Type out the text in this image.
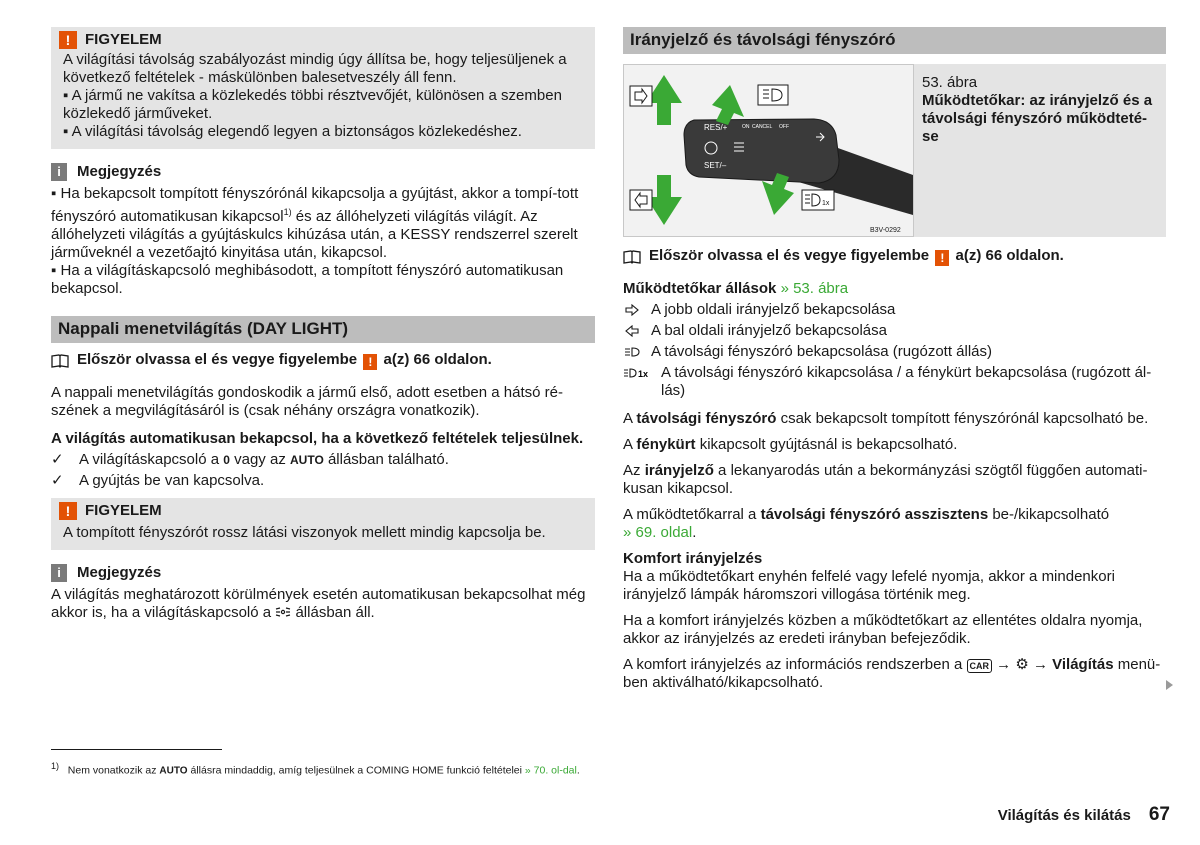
! FIGYELEM

A világítási távolság szabályozást mindig úgy állítsa be, hogy teljesüljenek a következő feltételek - máskülönben balesetveszély áll fenn.

▪ A jármű ne vakítsa a közlekedés többi résztvevőjét, különösen a szemben közlekedő járműveket.

▪ A világítási távolság elegendő legyen a biztonságos közlekedéshez.

i	Megjegyzés

▪ Ha bekapcsolt tompított fényszórónál kikapcsolja a gyújtást, akkor a tompí-tott fényszóró automatikusan kikapcsol$^{1)}$ és az állóhelyzeti világítás világít. Az állóhelyzeti világítás a gyújtáskulcs kihúzása után, a KESSY rendszerrel szerelt járműveknél a vezetőajtó kinyitása után, kikapcsol.

▪ Ha a világításkapcsoló meghibásodott, a tompított fényszóró automatikusan bekapcsol.

Nappali menetvilágítás (DAY LIGHT)
Először olvassa el és vegye figyelembe ! a(z) 66 oldalon.

A nappali menetvilágítás gondoskodik a jármű első, adott esetben a hátsó ré-szének a megvilágításáról is (csak néhány országra vonatkozik).

A világítás automatikusan bekapcsol, ha a következő feltételek teljesülnek.

✓ A világításkapcsoló a 0 vagy az AUTO állásban található.
✓ A gyújtás be van kapcsolva.
! FIGYELEM

A tompított fényszórót rossz látási viszonyok mellett mindig kapcsolja be.

i	Megjegyzés

A világítás meghatározott körülmények esetén automatikusan bekapcsolhat még akkor is, ha a világításkapcsoló a állásban áll.

Irányjelző és távolsági fényszóró
RES/+	ON CANCEL OFF
SET/–
1x
B3V-0292

53. ábra

Működtetőkar: az irányjelző és a távolsági fényszóró működteté-se

Először olvassa el és vegye figyelembe ! a(z) 66 oldalon.

Működtetőkar állások » 53. ábra

A jobb oldali irányjelző bekapcsolása
A bal oldali irányjelző bekapcsolása
A távolsági fényszóró bekapcsolása (rugózott állás)
1x A távolsági fényszóró kikapcsolása / a fénykürt bekapcsolása (rugózott ál-lás)

A távolsági fényszóró csak bekapcsolt tompított fényszórónál kapcsolható be.

A fénykürt kikapcsolt gyújtásnál is bekapcsolható.

Az irányjelző a lekanyarodás után a bekormányzási szögtől függően automati-kusan kikapcsol.

A működtetőkarral a távolsági fényszóró asszisztens be-/kikapcsolható
» 69. oldal.

Komfort irányjelzés

Ha a működtetőkart enyhén felfelé vagy lefelé nyomja, akkor a mindenkori irányjelző lámpák háromszori villogása történik meg.

Ha a komfort irányjelzés közben a működtetőkart az ellentétes oldalra nyomja, akkor az irányjelzés az eredeti irányban befejeződik.

A komfort irányjelzés az információs rendszerben a CAR → ⚙ → Világítás menü-ben aktiválható/kikapcsolható.

$^{1)}$ Nem vonatkozik az AUTO állásra mindaddig, amíg teljesülnek a COMING HOME funkció feltételei » 70. ol-dal.
Világítás és kilátás 67
